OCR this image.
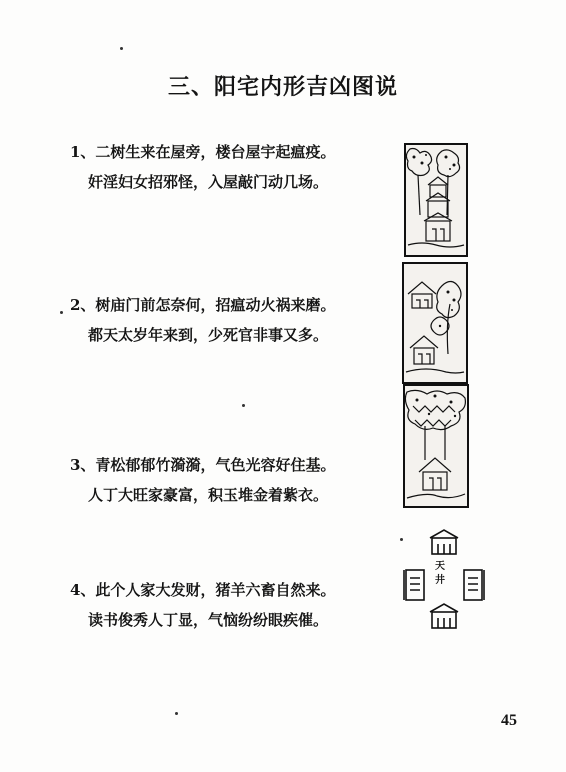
三、阳宅内形吉凶图说
1、二树生来在屋旁，楼台屋宇起瘟疫。
奸淫妇女招邪怪，入屋敲门动几场。
2、树庙门前怎奈何，招瘟动火祸来磨。
都天太岁年来到，少死官非事又多。
3、青松郁郁竹漪漪，气色光容好住基。
人丁大旺家豪富，积玉堆金着紫衣。
4、此个人家大发财，猪羊六畜自然来。
读书俊秀人丁显，气恼纷纷眼疾催。
天
井
45
